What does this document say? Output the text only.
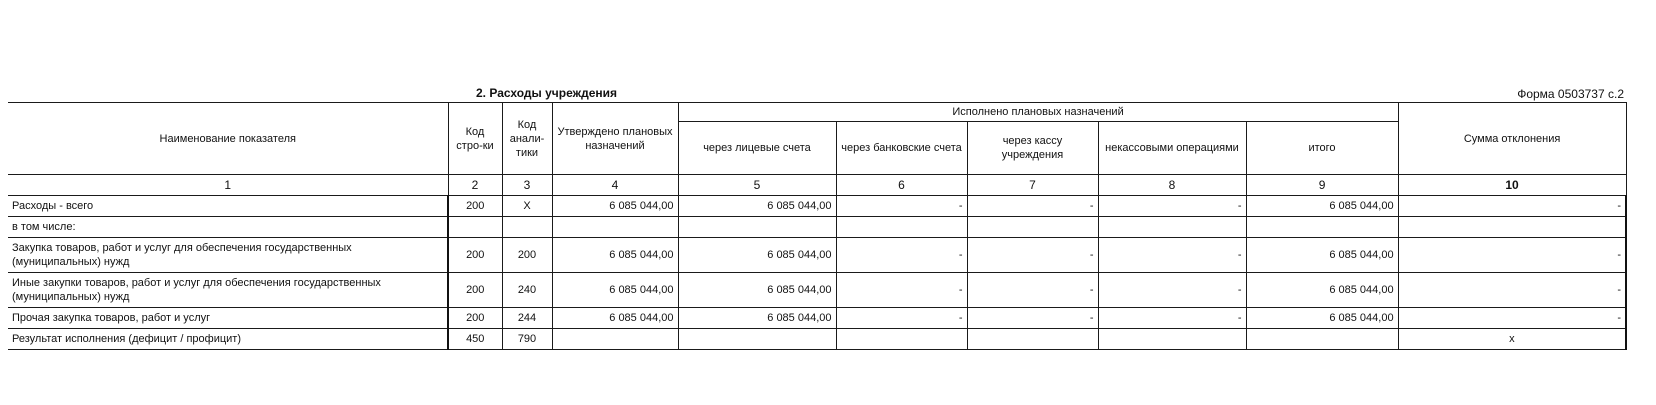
2. Расходы учреждения	Форма 0503737 с.2
Наименование показателя	Код стро-ки	Код анали-тики	Утверждено плановых назначений	Исполнено плановых назначений					Сумма отклонения
				через лицевые счета	через банковские счета	через кассу учреждения	некассовыми операциями	итого	
1	2	3	4	5	6	7	8	9	10
Расходы - всего	200	X	6 085 044,00	6 085 044,00	-	-	-	6 085 044,00	-
в том числе:									
Закупка товаров, работ и услуг для обеспечения государственных (муниципальных) нужд	200	200	6 085 044,00	6 085 044,00	-	-	-	6 085 044,00	-
Иные закупки товаров, работ и услуг для обеспечения государственных (муниципальных) нужд	200	240	6 085 044,00	6 085 044,00	-	-	-	6 085 044,00	-
Прочая закупка товаров, работ и услуг	200	244	6 085 044,00	6 085 044,00	-	-	-	6 085 044,00	-
Результат исполнения (дефицит / профицит)	450	790							x
